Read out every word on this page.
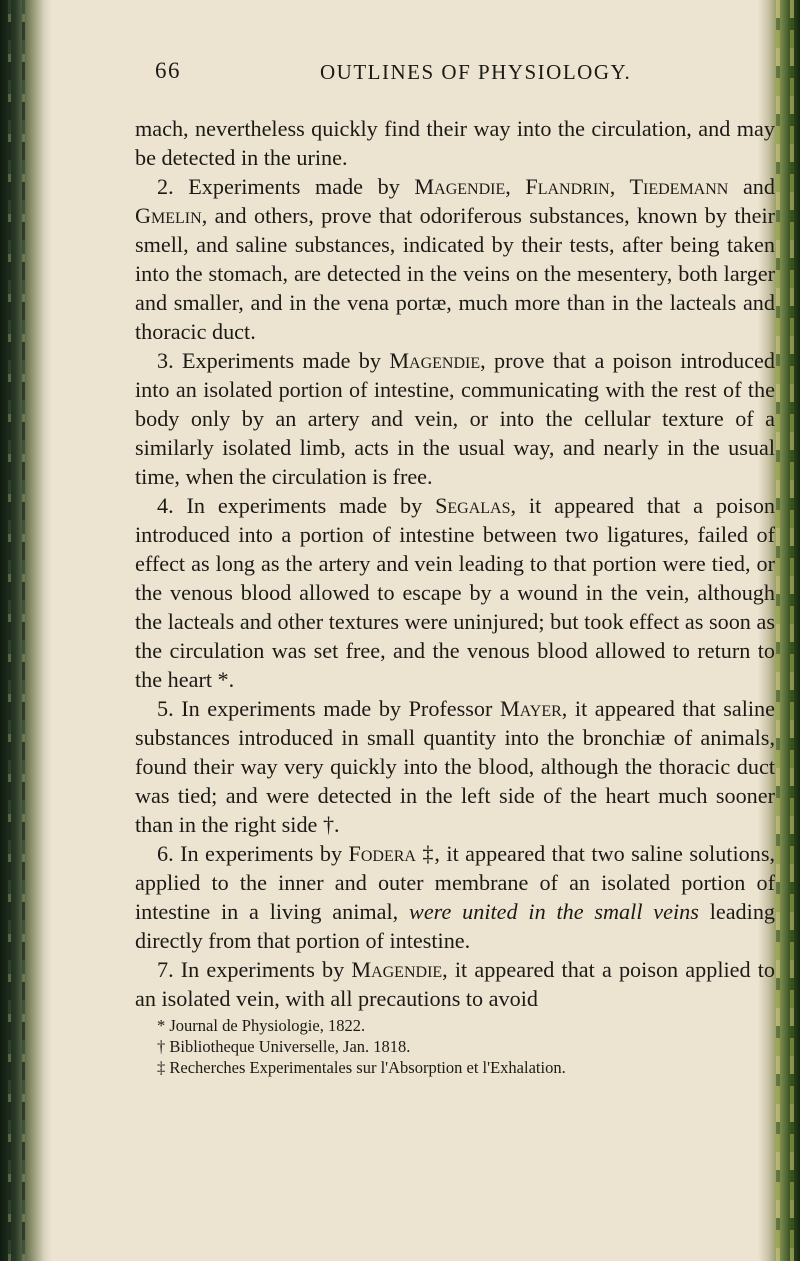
66	OUTLINES OF PHYSIOLOGY.

mach, nevertheless quickly find their way into the circulation, and may be detected in the urine.

2. Experiments made by Magendie, Flandrin, Tiedemann and Gmelin, and others, prove that odoriferous substances, known by their smell, and saline substances, indicated by their tests, after being taken into the stomach, are detected in the veins on the mesentery, both larger and smaller, and in the vena portæ, much more than in the lacteals and thoracic duct.

3. Experiments made by Magendie, prove that a poison introduced into an isolated portion of intestine, communicating with the rest of the body only by an artery and vein, or into the cellular texture of a similarly isolated limb, acts in the usual way, and nearly in the usual time, when the circulation is free.

4. In experiments made by Segalas, it appeared that a poison introduced into a portion of intestine between two ligatures, failed of effect as long as the artery and vein leading to that portion were tied, or the venous blood allowed to escape by a wound in the vein, although the lacteals and other textures were uninjured; but took effect as soon as the circulation was set free, and the venous blood allowed to return to the heart *.

5. In experiments made by Professor Mayer, it appeared that saline substances introduced in small quantity into the bronchiæ of animals, found their way very quickly into the blood, although the thoracic duct was tied; and were detected in the left side of the heart much sooner than in the right side †.

6. In experiments by Fodera ‡, it appeared that two saline solutions, applied to the inner and outer membrane of an isolated portion of intestine in a living animal, were united in the small veins leading directly from that portion of intestine.

7. In experiments by Magendie, it appeared that a poison applied to an isolated vein, with all precautions to avoid

* Journal de Physiologie, 1822.

† Bibliotheque Universelle, Jan. 1818.

‡ Recherches Experimentales sur l'Absorption et l'Exhalation.
